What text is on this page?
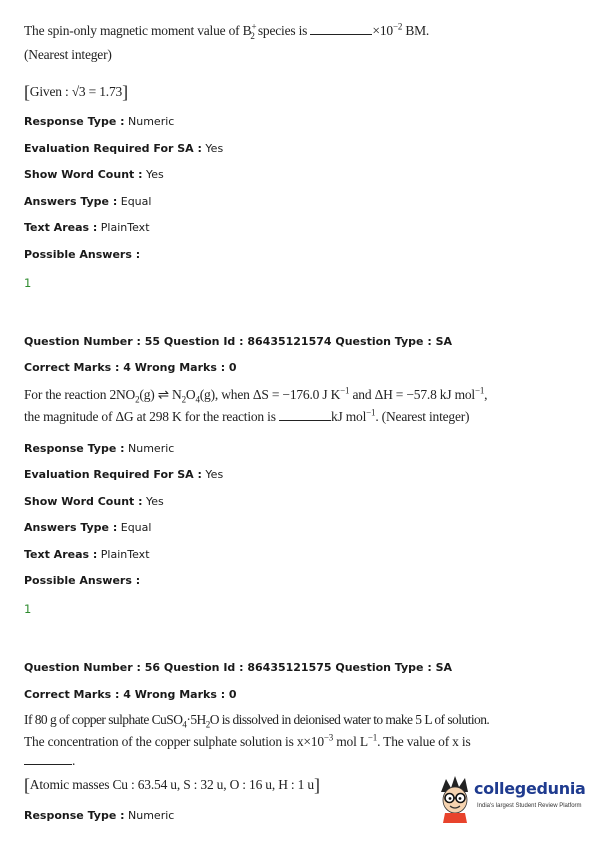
The spin-only magnetic moment value of $B^+_2$ species is	$\times 10^{-2}$ BM.
(Nearest integer)
[Given : √3 = 1.73]
Response Type : Numeric
Evaluation Required For SA : Yes
Show Word Count : Yes
Answers Type : Equal
Text Areas : PlainText
Possible Answers :
1
Question Number : 55 Question Id : 86435121574 Question Type : SA
Correct Marks : 4 Wrong Marks : 0
For the reaction $2NO_2(g)$ ⇌ $N_2O_4(g)$, when ΔS = −176.0 J $K^{-1}$ and ΔH = −57.8 kJ mol$^{-1}$,
the magnitude of ΔG at 298 K for the reaction is	kJ mol$^{-1}$. (Nearest integer)
Response Type : Numeric
Evaluation Required For SA : Yes
Show Word Count : Yes
Answers Type : Equal
Text Areas : PlainText
Possible Answers :
1
Question Number : 56 Question Id : 86435121575 Question Type : SA
Correct Marks : 4 Wrong Marks : 0
If 80 g of copper sulphate $CuSO_4\cdot 5H_2O$ is dissolved in deionised water to make 5 L of solution.
The concentration of the copper sulphate solution is $x\times 10^{-3}$ mol $L^{-1}$. The value of x is
.
[Atomic masses Cu : 63.54 u, S : 32 u, O : 16 u, H : 1 u]
Response Type : Numeric
collegedunia
India's largest Student Review Platform
